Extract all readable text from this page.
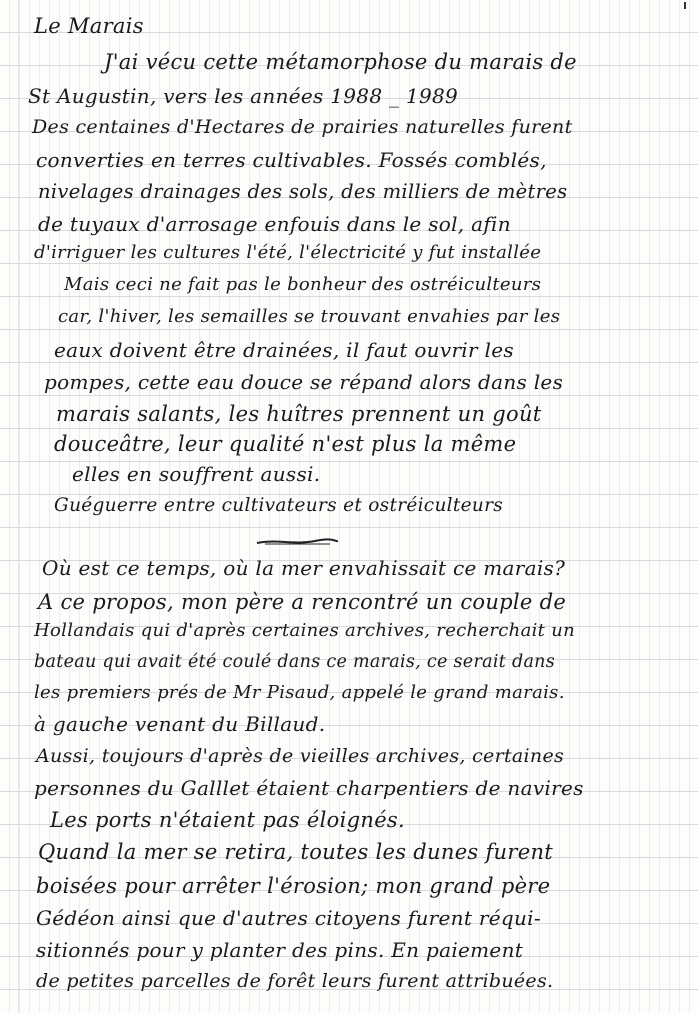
Le Marais
J'ai vécu cette métamorphose du marais de
St Augustin, vers les années 1988 _ 1989
Des centaines d'Hectares de prairies naturelles furent
converties en terres cultivables. Fossés comblés,
nivelages drainages des sols, des milliers de mètres
de tuyaux d'arrosage enfouis dans le sol, afin
d'irriguer les cultures l'été, l'électricité y fut installée
Mais ceci ne fait pas le bonheur des ostréiculteurs
car, l'hiver, les semailles se trouvant envahies par les
eaux doivent être drainées, il faut ouvrir les
pompes, cette eau douce se répand alors dans les
marais salants, les huîtres prennent un goût
douceâtre, leur qualité n'est plus la même
elles en souffrent aussi.
Guéguerre entre cultivateurs et ostréiculteurs
Où est ce temps, où la mer envahissait ce marais?
A ce propos, mon père a rencontré un couple de
Hollandais qui d'après certaines archives, recherchait un
bateau qui avait été coulé dans ce marais, ce serait dans
les premiers prés de Mr Pisaud, appelé le grand marais.
à gauche venant du Billaud.
Aussi, toujours d'après de vieilles archives, certaines
personnes du Galllet étaient charpentiers de navires
Les ports n'étaient pas éloignés.
Quand la mer se retira, toutes les dunes furent
boisées pour arrêter l'érosion; mon grand père
Gédéon ainsi que d'autres citoyens furent réqui-
sitionnés pour y planter des pins. En paiement
de petites parcelles de forêt leurs furent attribuées.
